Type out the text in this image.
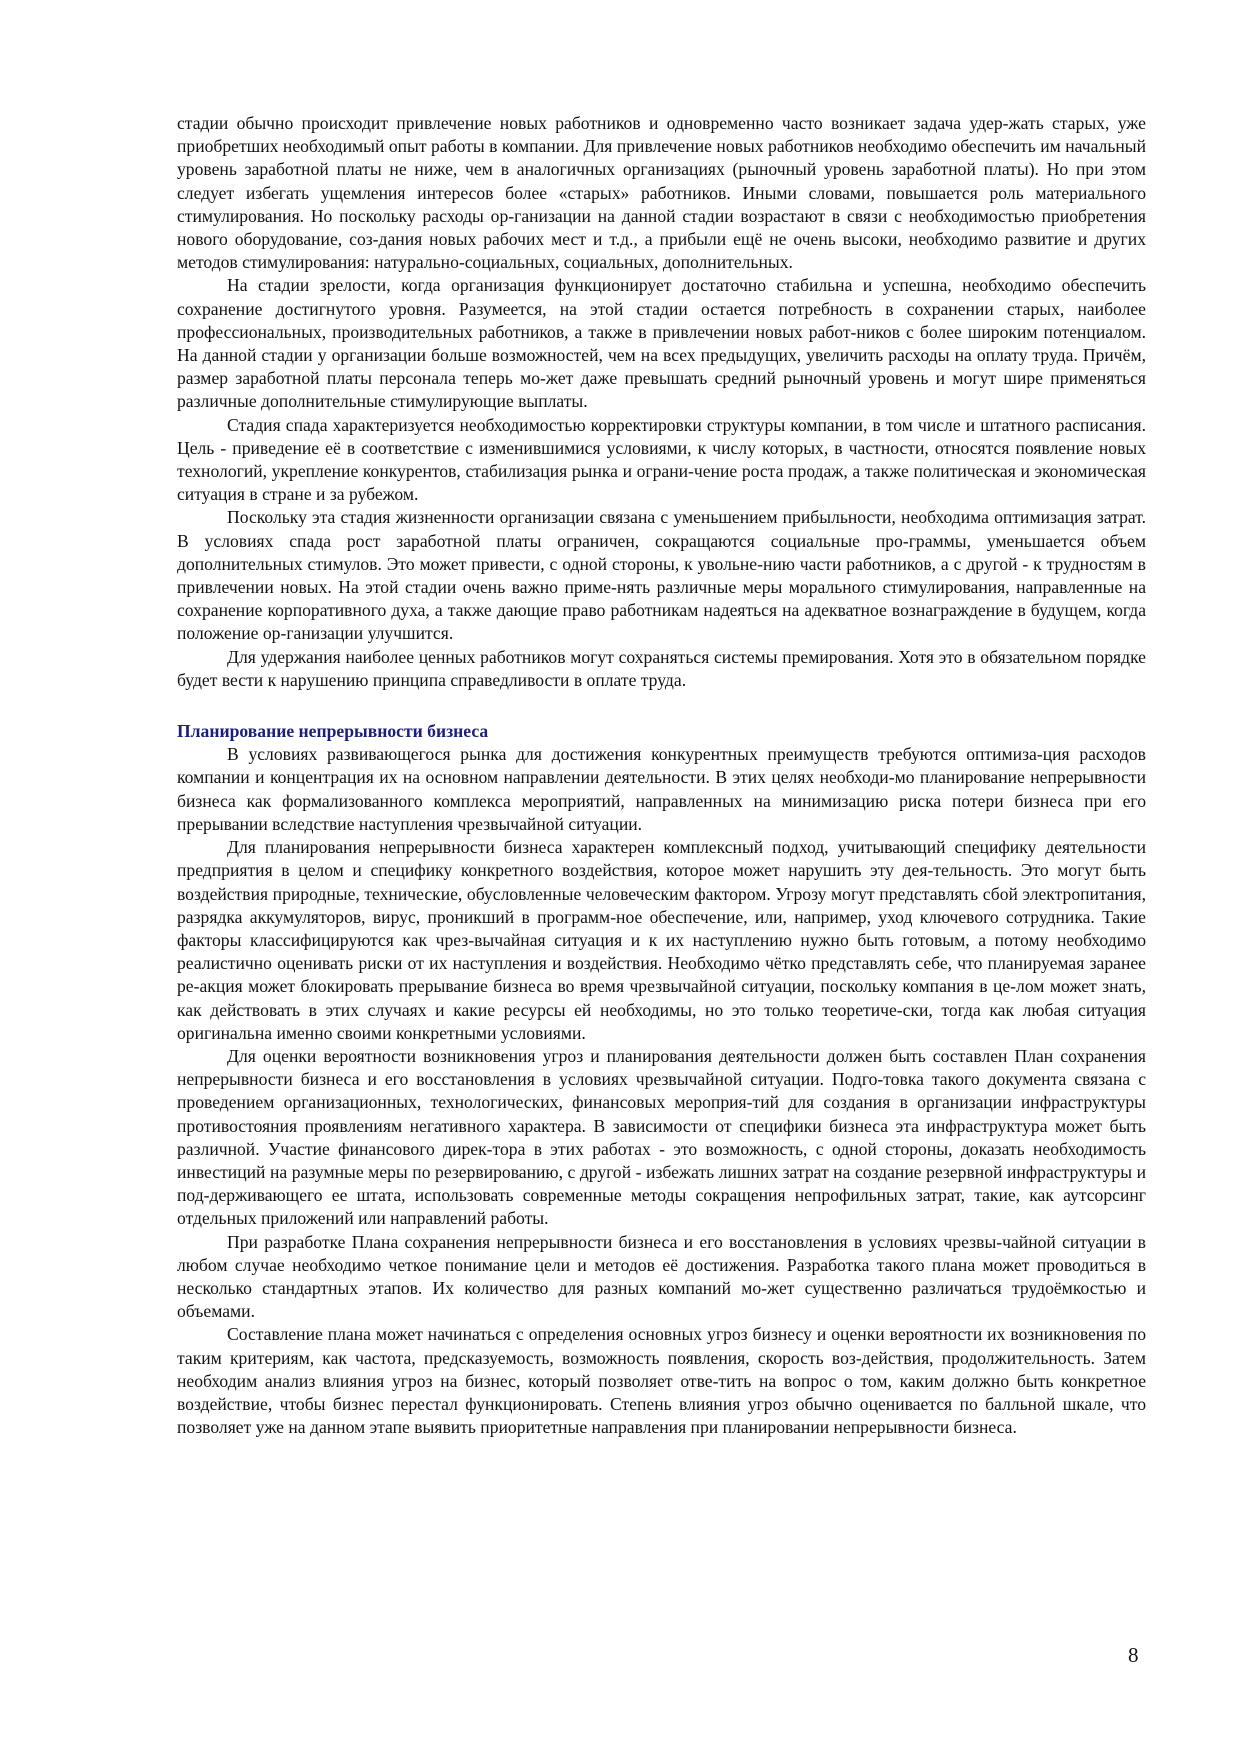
стадии обычно происходит привлечение новых работников и одновременно часто возникает задача удер-жать старых, уже приобретших необходимый опыт работы в компании. Для привлечение новых работников необходимо обеспечить им начальный уровень заработной платы не ниже, чем в аналогичных организациях (рыночный уровень заработной платы). Но при этом следует избегать ущемления интересов более «старых» работников. Иными словами, повышается роль материального стимулирования. Но поскольку расходы ор-ганизации на данной стадии возрастают в связи с необходимостью приобретения нового оборудование, соз-дания новых рабочих мест и т.д., а прибыли ещё не очень высоки, необходимо развитие и других методов стимулирования: натурально-социальных, социальных, дополнительных.

На стадии зрелости, когда организация функционирует достаточно стабильна и успешна, необходимо обеспечить сохранение достигнутого уровня. Разумеется, на этой стадии остается потребность в сохранении старых, наиболее профессиональных, производительных работников, а также в привлечении новых работ-ников с более широким потенциалом. На данной стадии у организации больше возможностей, чем на всех предыдущих, увеличить расходы на оплату труда. Причём, размер заработной платы персонала теперь мо-жет даже превышать средний рыночный уровень и могут шире применяться различные дополнительные стимулирующие выплаты.

Стадия спада характеризуется необходимостью корректировки структуры компании, в том числе и штатного расписания. Цель - приведение её в соответствие с изменившимися условиями, к числу которых, в частности, относятся появление новых технологий, укрепление конкурентов, стабилизация рынка и ограни-чение роста продаж, а также политическая и экономическая ситуация в стране и за рубежом.

Поскольку эта стадия жизненности организации связана с уменьшением прибыльности, необходима оптимизация затрат. В условиях спада рост заработной платы ограничен, сокращаются социальные про-граммы, уменьшается объем дополнительных стимулов. Это может привести, с одной стороны, к увольне-нию части работников, а с другой - к трудностям в привлечении новых. На этой стадии очень важно приме-нять различные меры морального стимулирования, направленные на сохранение корпоративного духа, а также дающие право работникам надеяться на адекватное вознаграждение в будущем, когда положение ор-ганизации улучшится.

Для удержания наиболее ценных работников могут сохраняться системы премирования. Хотя это в обязательном порядке будет вести к нарушению принципа справедливости в оплате труда.

Планирование непрерывности бизнеса

В условиях развивающегося рынка для достижения конкурентных преимуществ требуются оптимиза-ция расходов компании и концентрация их на основном направлении деятельности. В этих целях необходи-мо планирование непрерывности бизнеса как формализованного комплекса мероприятий, направленных на минимизацию риска потери бизнеса при его прерывании вследствие наступления чрезвычайной ситуации.

Для планирования непрерывности бизнеса характерен комплексный подход, учитывающий специфику деятельности предприятия в целом и специфику конкретного воздействия, которое может нарушить эту дея-тельность. Это могут быть воздействия природные, технические, обусловленные человеческим фактором. Угрозу могут представлять сбой электропитания, разрядка аккумуляторов, вирус, проникший в программ-ное обеспечение, или, например, уход ключевого сотрудника. Такие факторы классифицируются как чрез-вычайная ситуация и к их наступлению нужно быть готовым, а потому необходимо реалистично оценивать риски от их наступления и воздействия. Необходимо чётко представлять себе, что планируемая заранее ре-акция может блокировать прерывание бизнеса во время чрезвычайной ситуации, поскольку компания в це-лом может знать, как действовать в этих случаях и какие ресурсы ей необходимы, но это только теоретиче-ски, тогда как любая ситуация оригинальна именно своими конкретными условиями.

Для оценки вероятности возникновения угроз и планирования деятельности должен быть составлен План сохранения непрерывности бизнеса и его восстановления в условиях чрезвычайной ситуации. Подго-товка такого документа связана с проведением организационных, технологических, финансовых мероприя-тий для создания в организации инфраструктуры противостояния проявлениям негативного характера. В зависимости от специфики бизнеса эта инфраструктура может быть различной. Участие финансового дирек-тора в этих работах - это возможность, с одной стороны, доказать необходимость инвестиций на разумные меры по резервированию, с другой - избежать лишних затрат на создание резервной инфраструктуры и под-держивающего ее штата, использовать современные методы сокращения непрофильных затрат, такие, как аутсорсинг отдельных приложений или направлений работы.

При разработке Плана сохранения непрерывности бизнеса и его восстановления в условиях чрезвы-чайной ситуации в любом случае необходимо четкое понимание цели и методов её достижения. Разработка такого плана может проводиться в несколько стандартных этапов. Их количество для разных компаний мо-жет существенно различаться трудоёмкостью и объемами.

Составление плана может начинаться с определения основных угроз бизнесу и оценки вероятности их возникновения по таким критериям, как частота, предсказуемость, возможность появления, скорость воз-действия, продолжительность. Затем необходим анализ влияния угроз на бизнес, который позволяет отве-тить на вопрос о том, каким должно быть конкретное воздействие, чтобы бизнес перестал функционировать. Степень влияния угроз обычно оценивается по балльной шкале, что позволяет уже на данном этапе выявить приоритетные направления при планировании непрерывности бизнеса.

8
